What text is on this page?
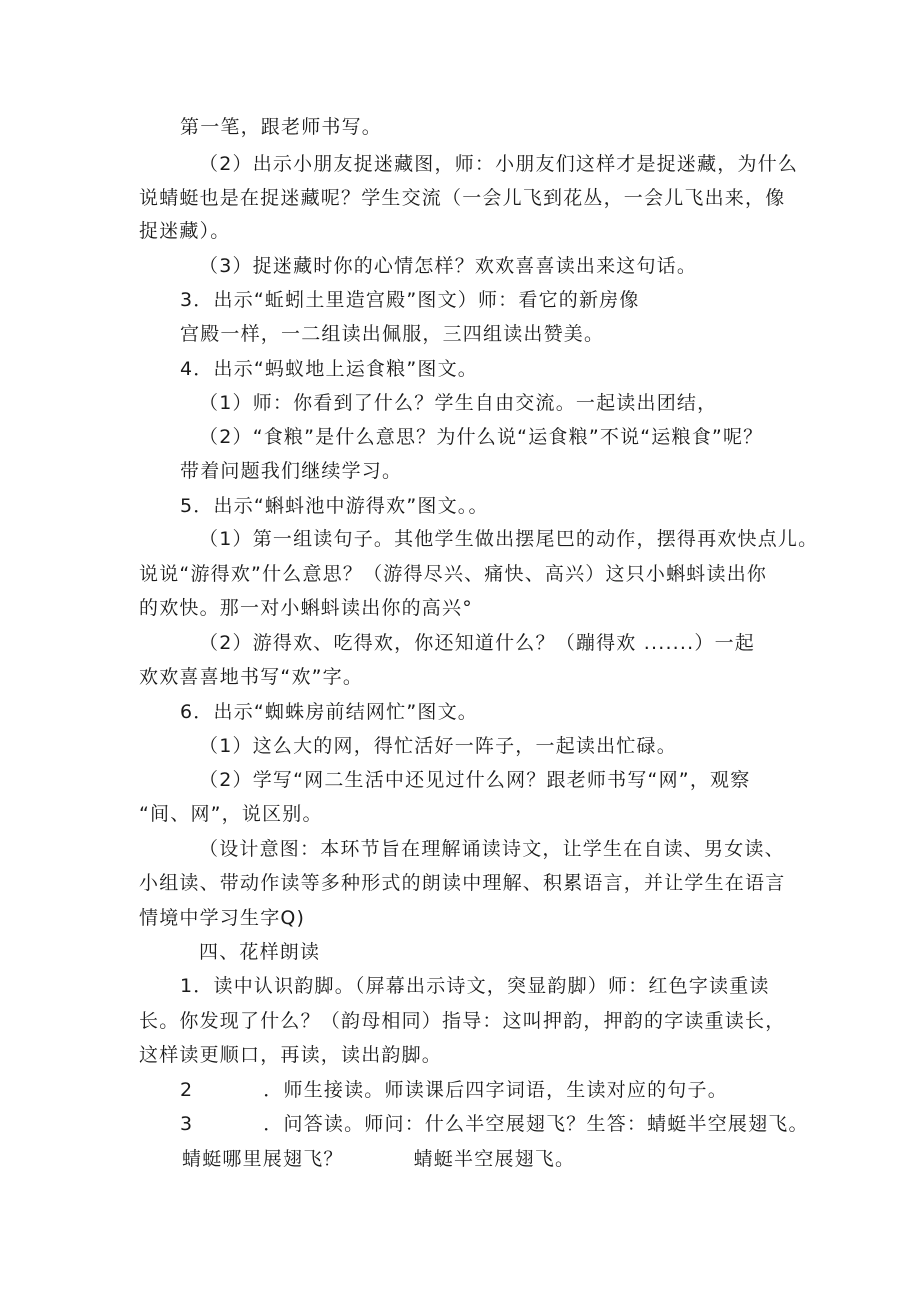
第一笔，跟老师书写。
（2）出示小朋友捉迷藏图，师：小朋友们这样才是捉迷藏，为什么
说蜻蜓也是在捉迷藏呢？学生交流（一会儿飞到花丛，一会儿飞出来，像
捉迷藏）。
（3）捉迷藏时你的心情怎样？欢欢喜喜读出来这句话。
3．出示“蚯蚓土里造宫殿”图文）师：看它的新房像
宫殿一样，一二组读出佩服，三四组读出赞美。
4．出示“蚂蚁地上运食粮”图文。
（1）师：你看到了什么？学生自由交流。一起读出团结，
（2）“食粮”是什么意思？为什么说“运食粮”不说“运粮食”呢？
带着问题我们继续学习。
5．出示“蝌蚪池中游得欢”图文。。
（1）第一组读句子。其他学生做出摆尾巴的动作，摆得再欢快点儿。
说说“游得欢”什么意思？（游得尽兴、痛快、高兴）这只小蝌蚪读出你
的欢快。那一对小蝌蚪读出你的高兴°
（2）游得欢、吃得欢，你还知道什么？（蹦得欢 .......）一起
欢欢喜喜地书写“欢”字。
6．出示“蜘蛛房前结网忙”图文。
（1）这么大的网，得忙活好一阵子，一起读出忙碌。
（2）学写“网二生活中还见过什么网？跟老师书写“网”，观察
“间、网”，说区别。
（设计意图：本环节旨在理解诵读诗文，让学生在自读、男女读、
小组读、带动作读等多种形式的朗读中理解、积累语言，并让学生在语言
情境中学习生字Q)
四、花样朗读
1．读中认识韵脚。（屏幕出示诗文，突显韵脚）师：红色字读重读
长。你发现了什么？（韵母相同）指导：这叫押韵，押韵的字读重读长，
这样读更顺口，再读，读出韵脚。
2	．师生接读。师读课后四字词语，生读对应的句子。
3	．问答读。师问：什么半空展翅飞？生答：蜻蜓半空展翅飞。
蜻蜓哪里展翅飞？	蜻蜓半空展翅飞。
